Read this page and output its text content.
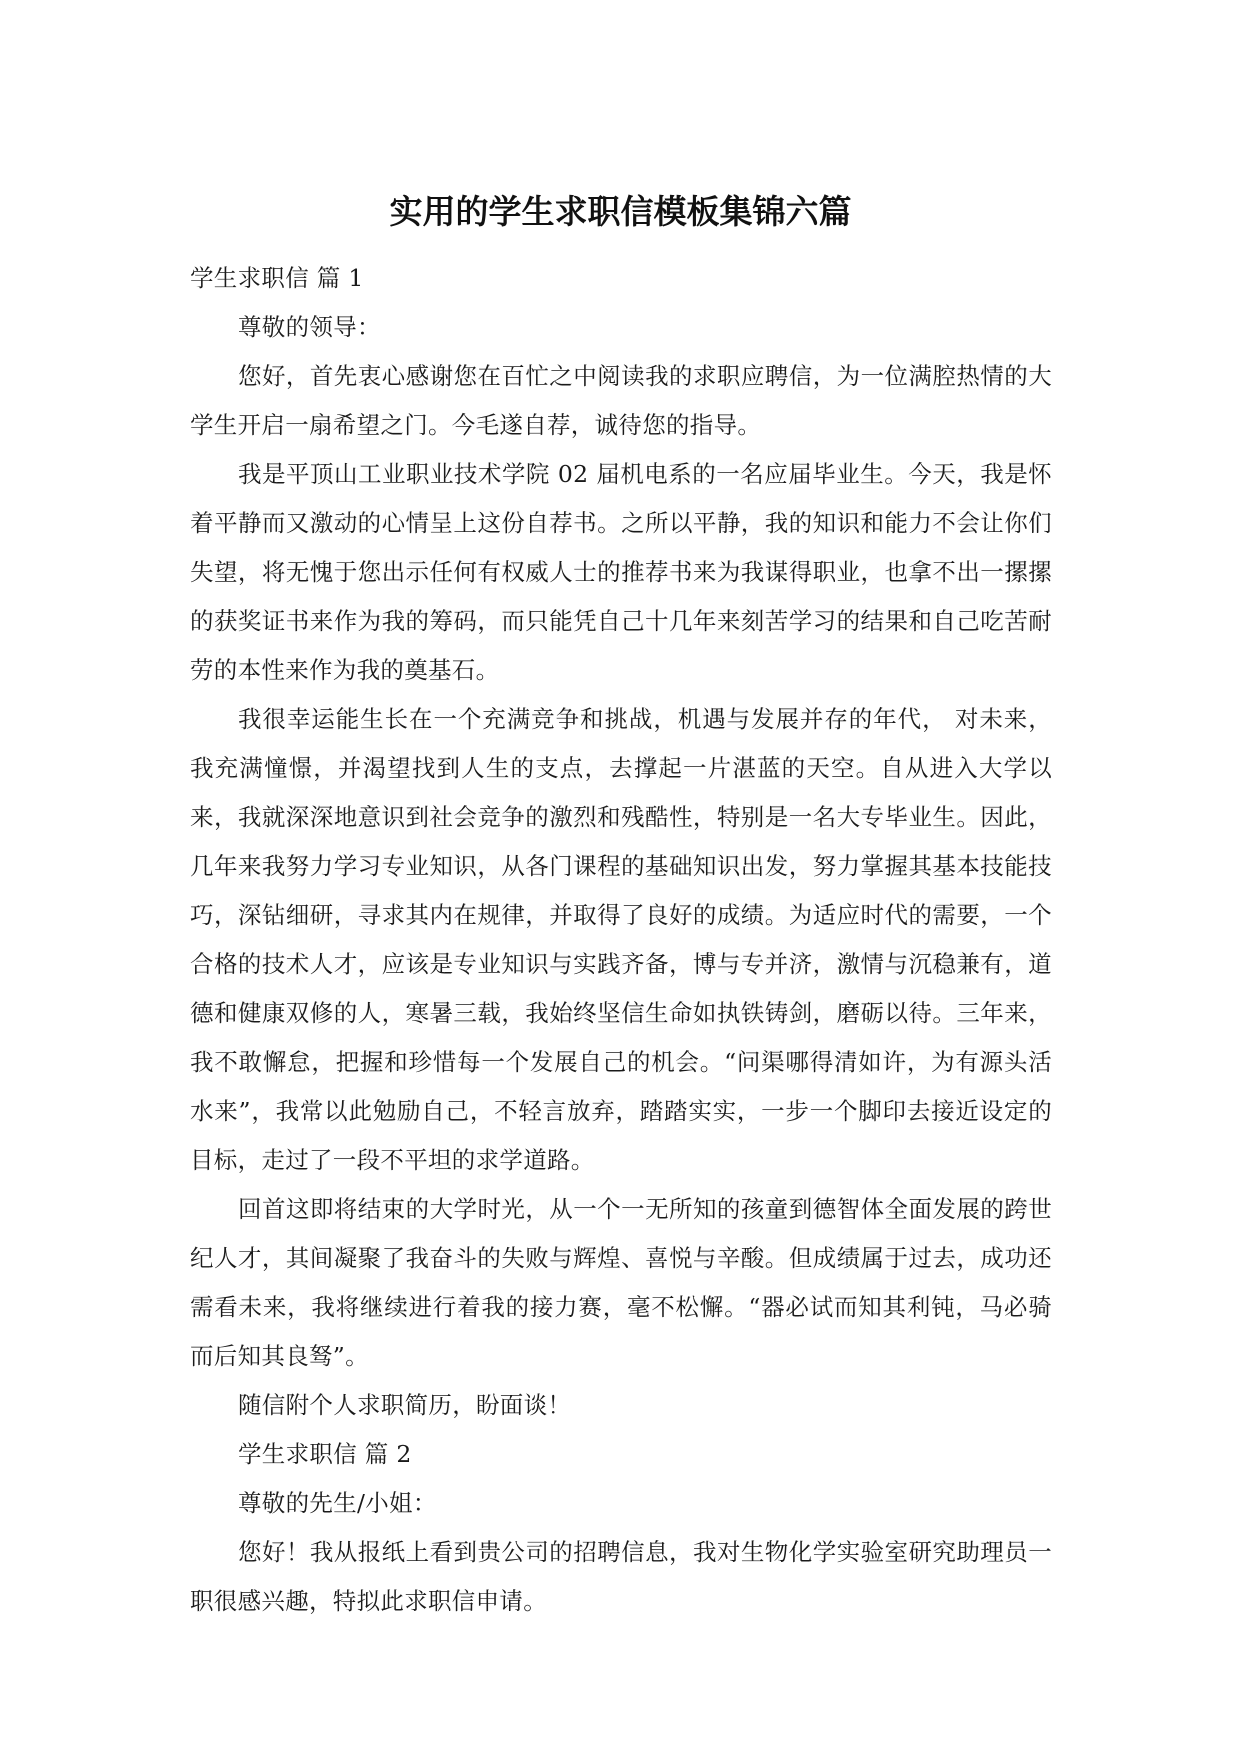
实用的学生求职信模板集锦六篇

学生求职信 篇 1

尊敬的领导：

您好，首先衷心感谢您在百忙之中阅读我的求职应聘信，为一位满腔热情的大学生开启一扇希望之门。今毛遂自荐，诚待您的指导。

我是平顶山工业职业技术学院 02 届机电系的一名应届毕业生。今天，我是怀着平静而又激动的心情呈上这份自荐书。之所以平静，我的知识和能力不会让你们失望，将无愧于您出示任何有权威人士的推荐书来为我谋得职业，也拿不出一摞摞的获奖证书来作为我的筹码，而只能凭自己十几年来刻苦学习的结果和自己吃苦耐劳的本性来作为我的奠基石。

我很幸运能生长在一个充满竞争和挑战，机遇与发展并存的年代， 对未来，我充满憧憬，并渴望找到人生的支点，去撑起一片湛蓝的天空。自从进入大学以来，我就深深地意识到社会竞争的激烈和残酷性，特别是一名大专毕业生。因此，几年来我努力学习专业知识，从各门课程的基础知识出发，努力掌握其基本技能技巧，深钻细研，寻求其内在规律，并取得了良好的成绩。为适应时代的需要，一个合格的技术人才，应该是专业知识与实践齐备，博与专并济，激情与沉稳兼有，道德和健康双修的人，寒暑三载，我始终坚信生命如执铁铸剑，磨砺以待。三年来，我不敢懈怠，把握和珍惜每一个发展自己的机会。“问渠哪得清如许，为有源头活水来”，我常以此勉励自己，不轻言放弃，踏踏实实，一步一个脚印去接近设定的目标，走过了一段不平坦的求学道路。

回首这即将结束的大学时光，从一个一无所知的孩童到德智体全面发展的跨世纪人才，其间凝聚了我奋斗的失败与辉煌、喜悦与辛酸。但成绩属于过去，成功还需看未来，我将继续进行着我的接力赛，毫不松懈。“器必试而知其利钝，马必骑而后知其良驽”。

随信附个人求职简历，盼面谈！

学生求职信 篇 2

尊敬的先生/小姐：

您好！我从报纸上看到贵公司的招聘信息，我对生物化学实验室研究助理员一职很感兴趣，特拟此求职信申请。
